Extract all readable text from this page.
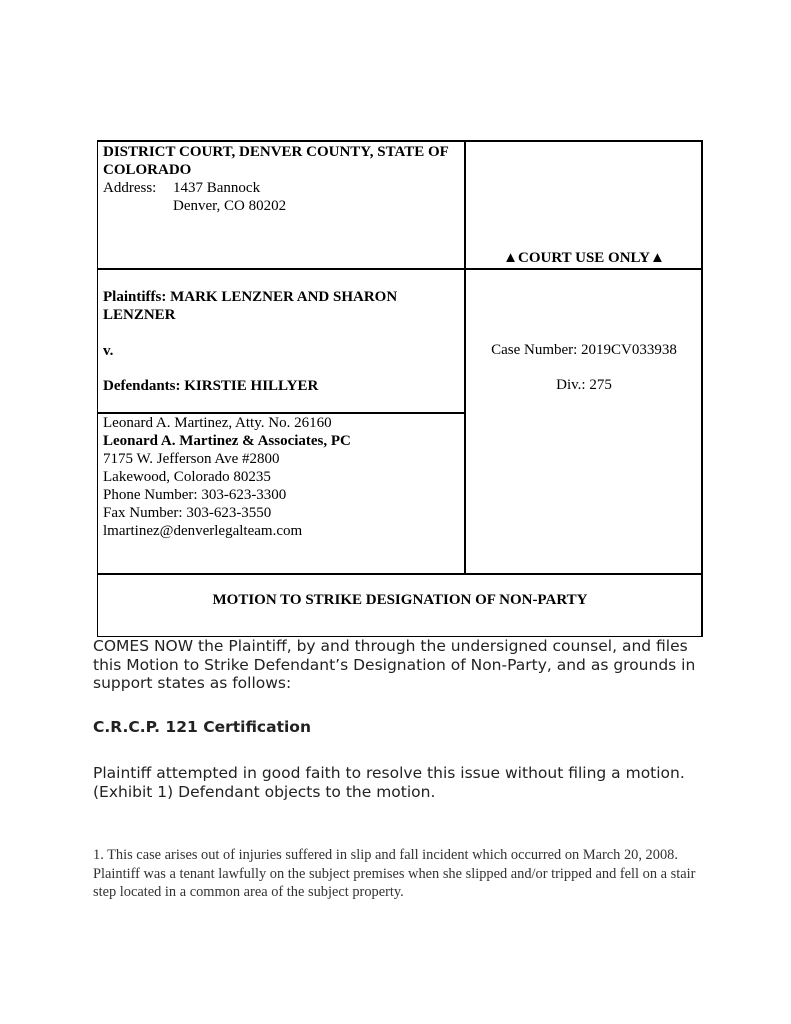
DISTRICT COURT, DENVER COUNTY, STATE OF COLORADO
Address:	1437 Bannock
Denver, CO 80202
▲COURT USE ONLY▲

Plaintiffs: MARK LENZNER AND SHARON LENZNER

v.

Defendants: KIRSTIE HILLYER

Case Number: 2019CV033938
Div.: 275
Leonard A. Martinez, Atty. No. 26160
Leonard A. Martinez & Associates, PC
7175 W. Jefferson Ave #2800
Lakewood, Colorado 80235
Phone Number: 303-623-3300
Fax Number: 303-623-3550
lmartinez@denverlegalteam.com
MOTION TO STRIKE DESIGNATION OF NON-PARTY

COMES NOW the Plaintiff, by and through the undersigned counsel, and files this Motion to Strike Defendant’s Designation of Non-Party, and as grounds in support states as follows:

C.R.C.P. 121 Certification

Plaintiff attempted in good faith to resolve this issue without filing a motion. (Exhibit 1) Defendant objects to the motion.

1. This case arises out of injuries suffered in slip and fall incident which occurred on March 20, 2008. Plaintiff was a tenant lawfully on the subject premises when she slipped and/or tripped and fell on a stair step located in a common area of the subject property.
